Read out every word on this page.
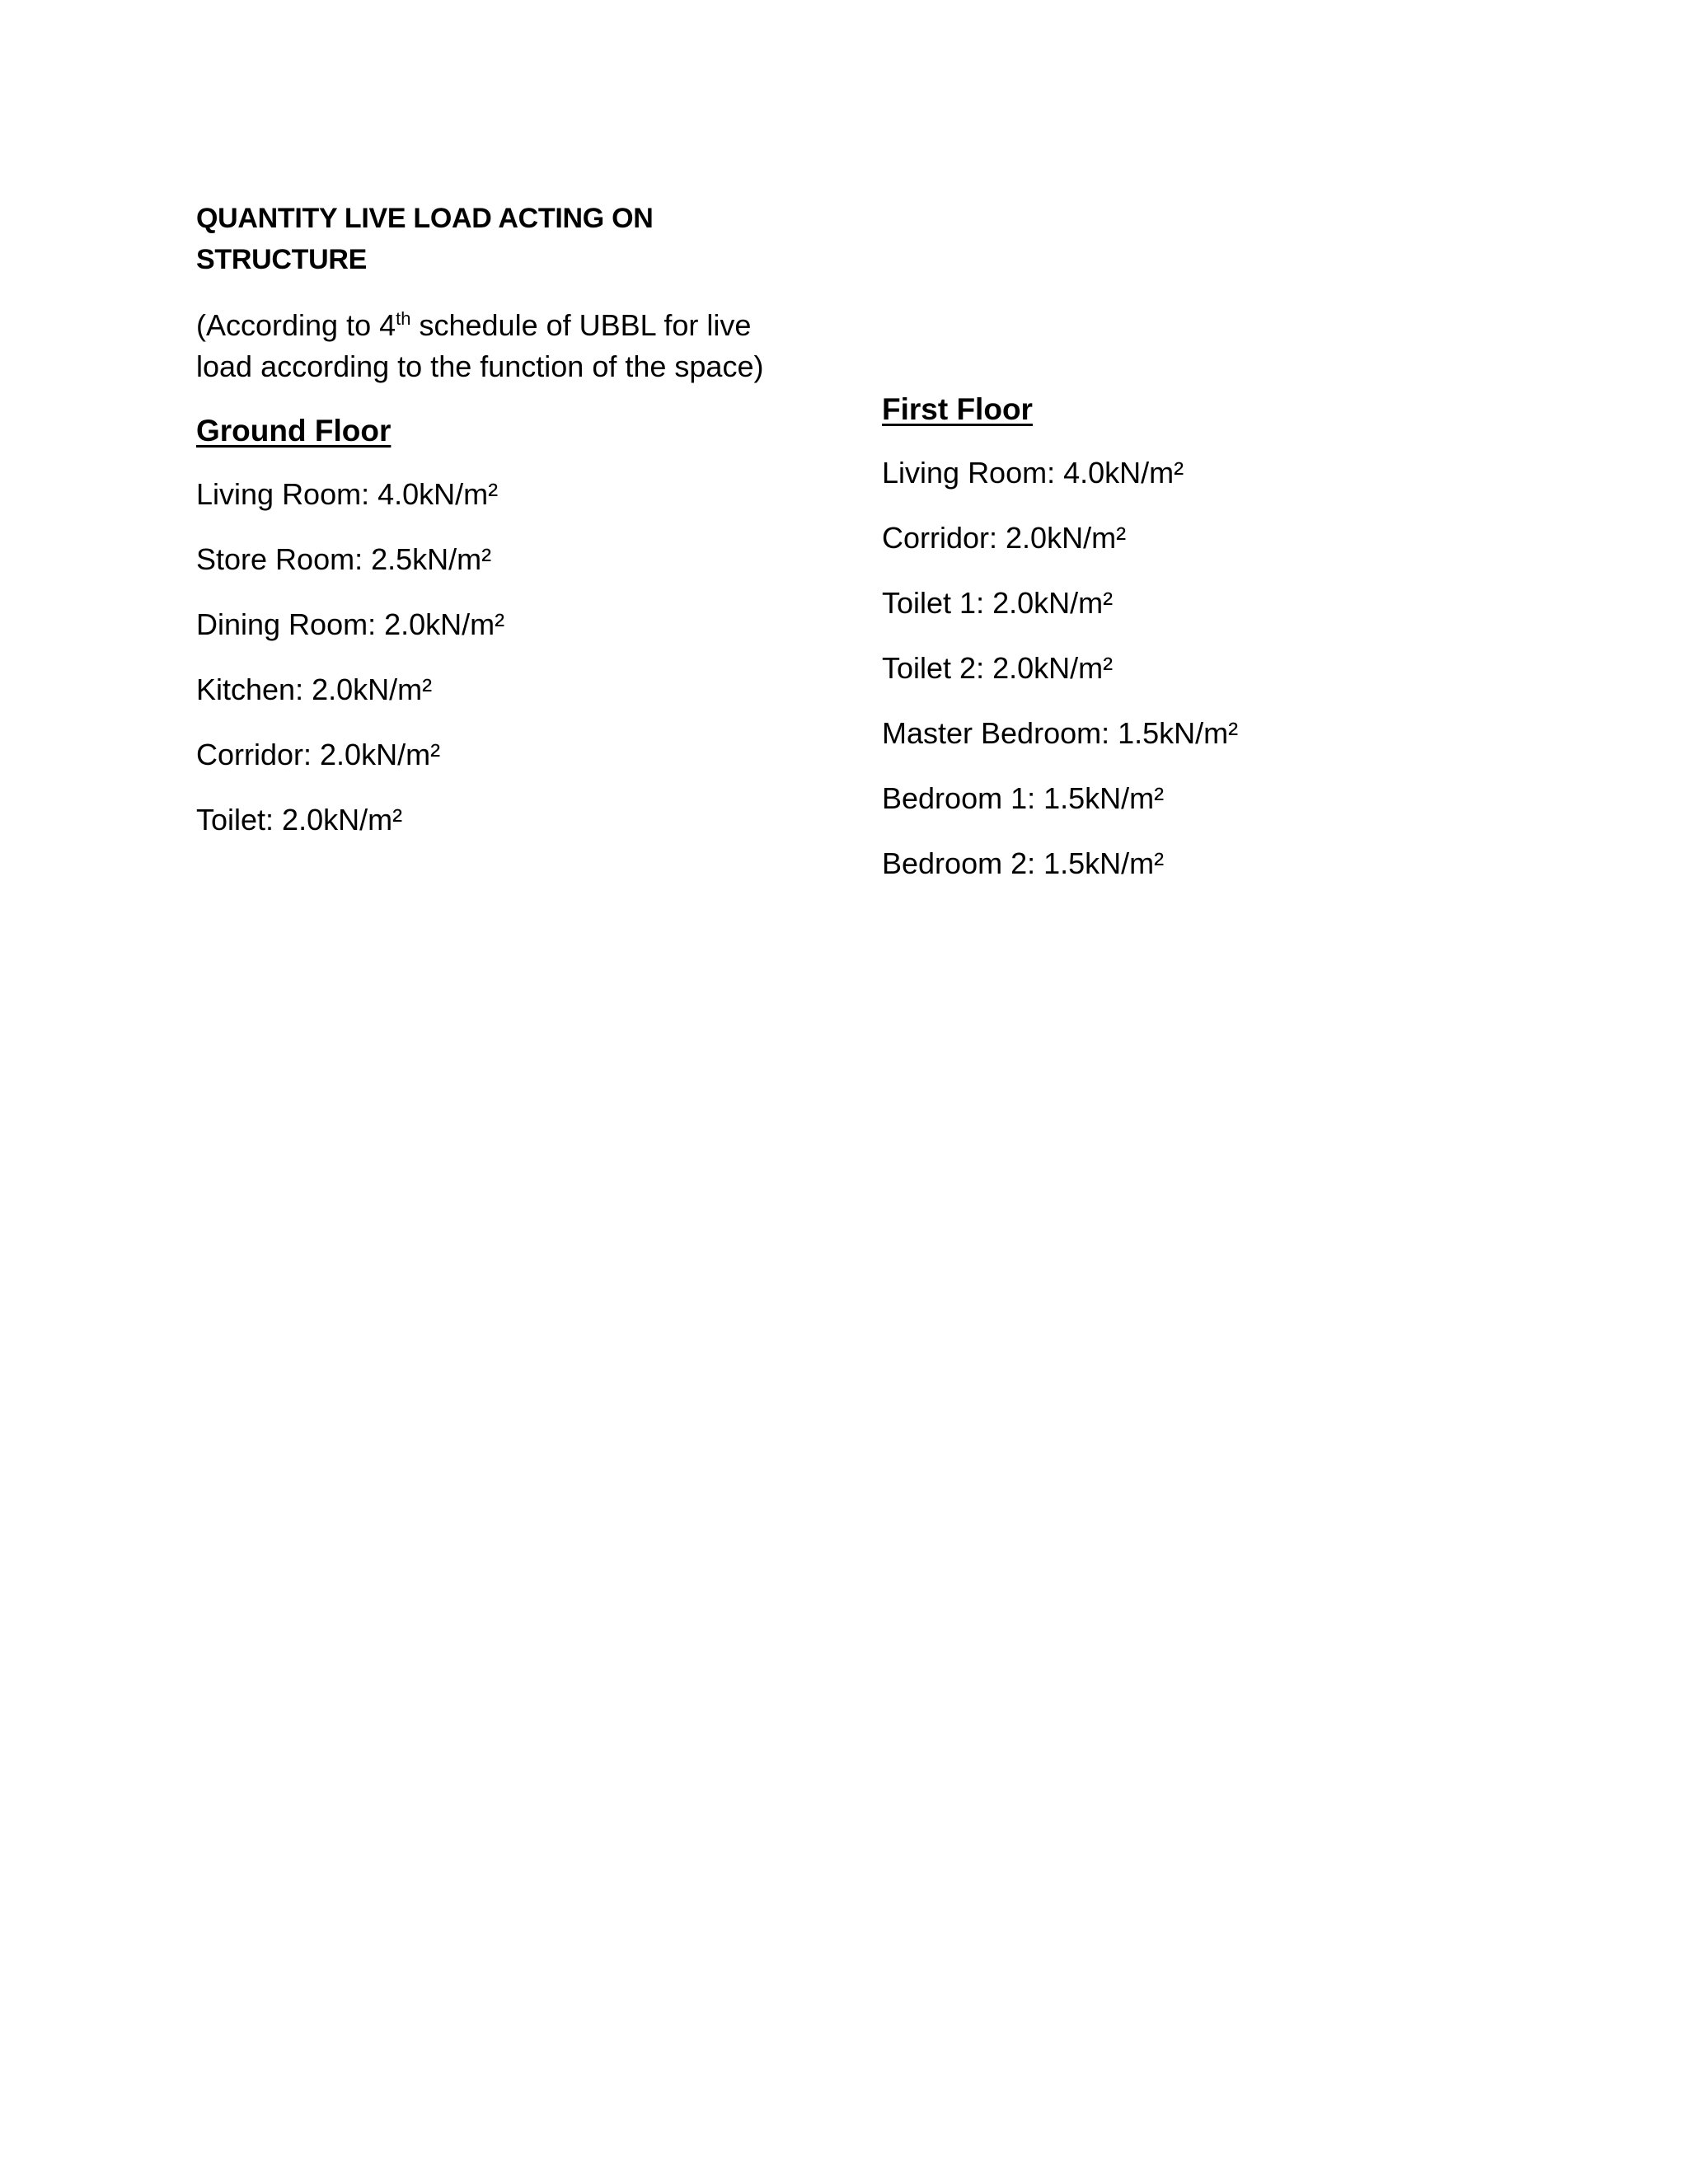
QUANTITY LIVE LOAD ACTING ON
STRUCTURE
(According to 4th schedule of UBBL for live
load according to the function of the space)
Ground Floor
Living Room: 4.0kN/m²
Store Room: 2.5kN/m²
Dining Room: 2.0kN/m²
Kitchen: 2.0kN/m²
Corridor: 2.0kN/m²
Toilet: 2.0kN/m²
First Floor
Living Room: 4.0kN/m²
Corridor: 2.0kN/m²
Toilet 1: 2.0kN/m²
Toilet 2: 2.0kN/m²
Master Bedroom: 1.5kN/m²
Bedroom 1: 1.5kN/m²
Bedroom 2: 1.5kN/m²
